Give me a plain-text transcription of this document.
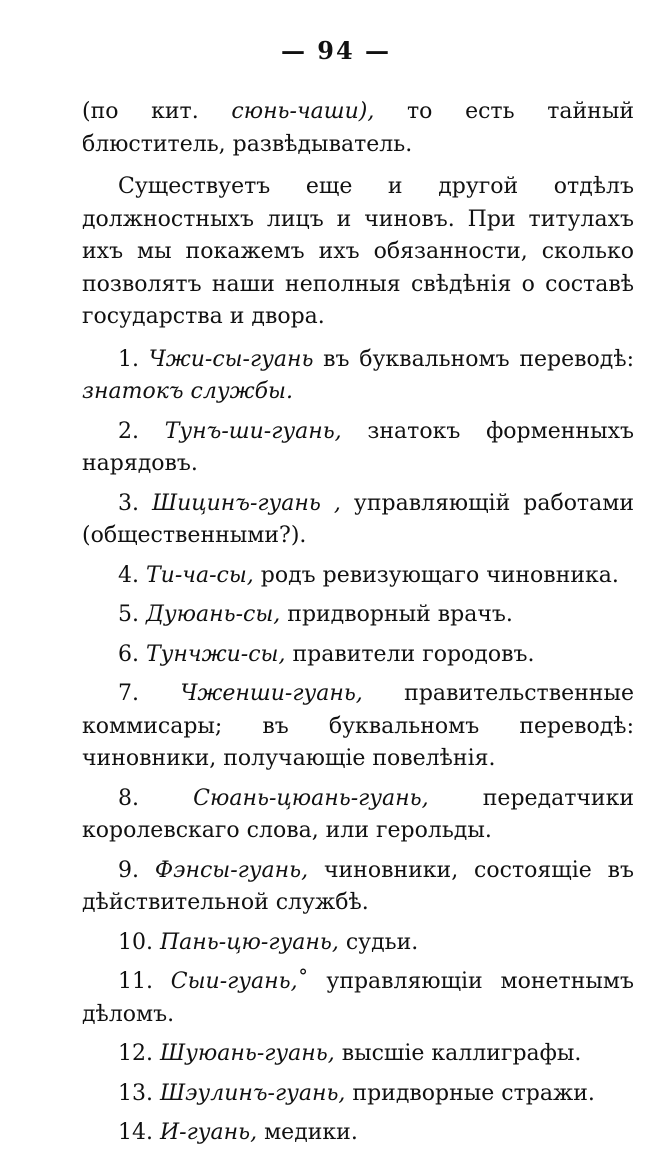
— 94 —

(по кит. сюнь-чаши), то есть тайный блюститель, развѣдыватель.

Существуетъ еще и другой отдѣлъ должностныхъ лицъ и чиновъ. При титулахъ ихъ мы покажемъ ихъ обязанности, сколько позволятъ наши неполныя свѣдѣнія о составѣ государства и двора.

1. Чжи-сы-гуань въ буквальномъ переводѣ: знатокъ службы.

2. Тунъ-ши-гуань, знатокъ форменныхъ нарядовъ.

3. Шицинъ-гуань , управляющій работами (общественными?).

4. Ти-ча-сы, родъ ревизующаго чиновника.

5. Дуюань-сы, придворный врачъ.

6. Тунчжи-сы, правители городовъ.

7. Чженши-гуань, правительственные коммисары; въ буквальномъ переводѣ: чиновники, получающіе повелѣнія.

8. Сюань-цюань-гуань, передатчики королевскаго слова, или герольды.

9. Фэнсы-гуань, чиновники, состоящіе въ дѣйствительной службѣ.

10. Пань-цю-гуань, судьи.

11. Сыи-гуань,˚ управляющіи монетнымъ дѣломъ.

12. Шуюань-гуань, высшіе каллиграфы.

13. Шэулинъ-гуань, придворные стражи.

14. И-гуань, медики.
